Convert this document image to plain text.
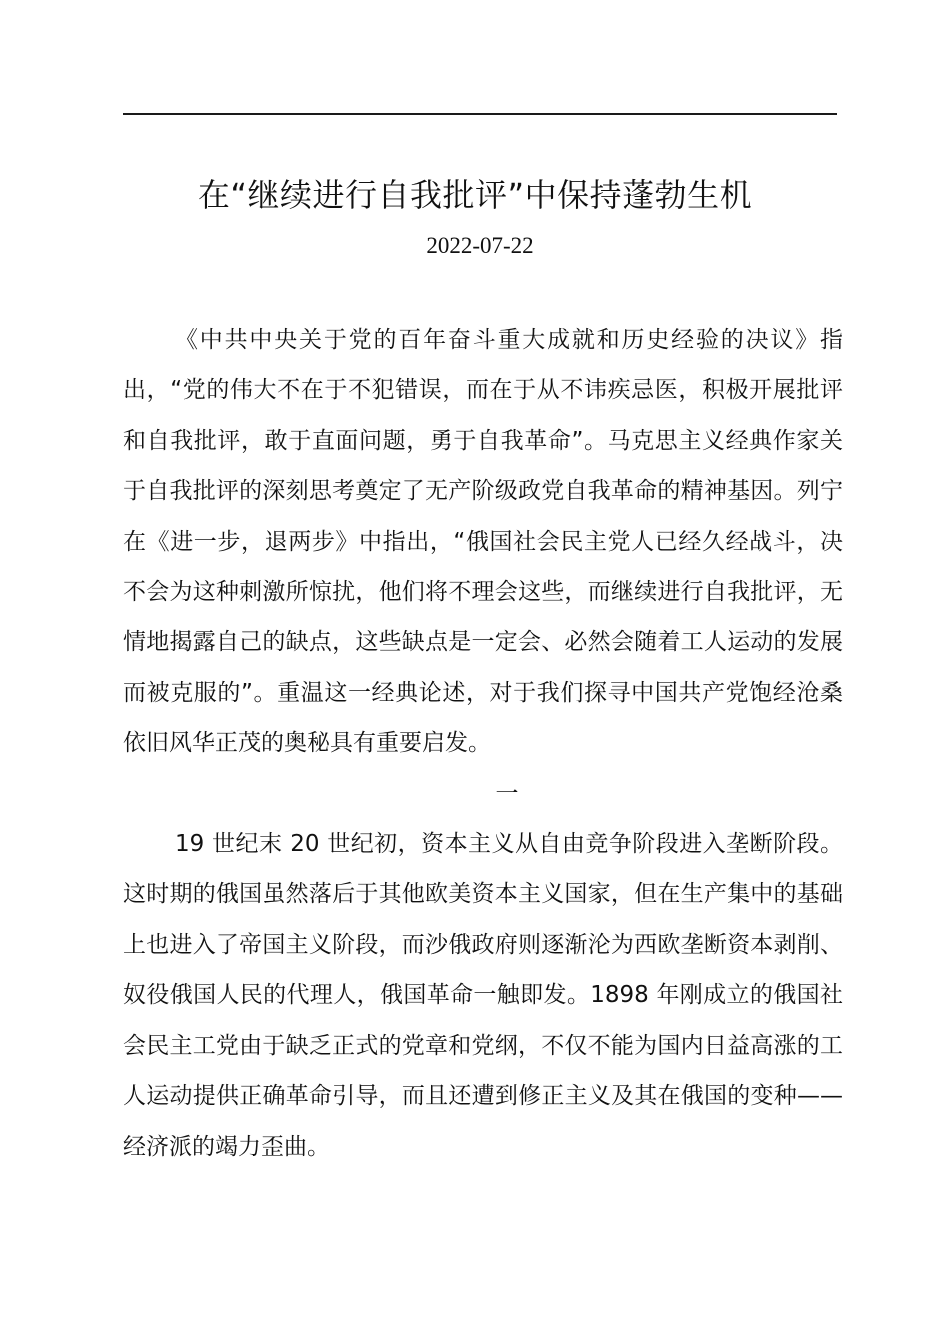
在“继续进行自我批评”中保持蓬勃生机
2022-07-22

《中共中央关于党的百年奋斗重大成就和历史经验的决议》指出，“党的伟大不在于不犯错误，而在于从不讳疾忌医，积极开展批评和自我批评，敢于直面问题，勇于自我革命”。马克思主义经典作家关于自我批评的深刻思考奠定了无产阶级政党自我革命的精神基因。列宁在《进一步，退两步》中指出，“俄国社会民主党人已经久经战斗，决不会为这种刺激所惊扰，他们将不理会这些，而继续进行自我批评，无情地揭露自己的缺点，这些缺点是一定会、必然会随着工人运动的发展而被克服的”。重温这一经典论述，对于我们探寻中国共产党饱经沧桑依旧风华正茂的奥秘具有重要启发。

一

19 世纪末 20 世纪初，资本主义从自由竞争阶段进入垄断阶段。这时期的俄国虽然落后于其他欧美资本主义国家，但在生产集中的基础上也进入了帝国主义阶段，而沙俄政府则逐渐沦为西欧垄断资本剥削、奴役俄国人民的代理人，俄国革命一触即发。1898 年刚成立的俄国社会民主工党由于缺乏正式的党章和党纲，不仅不能为国内日益高涨的工人运动提供正确革命引导，而且还遭到修正主义及其在俄国的变种——经济派的竭力歪曲。
